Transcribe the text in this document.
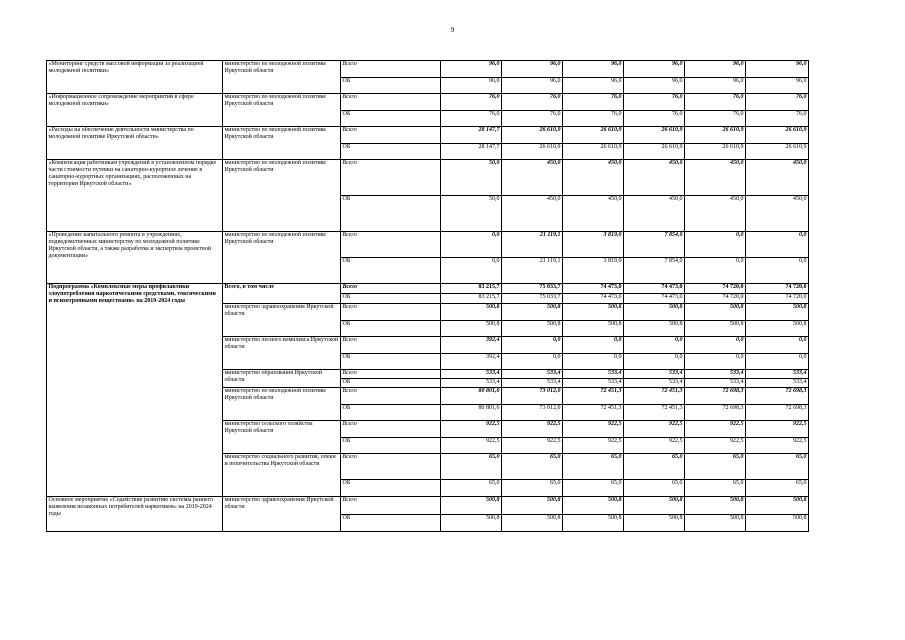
9
«Мониторинг средств массовой информации за реализацией молодежной политики»	министерство по молодежной политике Иркутской области	Всего	96,0	96,0	96,0	96,0	96,0	96,0
		ОБ	96,0	96,0	96,0	96,0	96,0	96,0
«Информационное сопровождение мероприятий в сфере молодежной политики»	министерство по молодежной политике Иркутской области	Всего	76,0	76,0	76,0	76,0	76,0	76,0
		ОБ	76,0	76,0	76,0	76,0	76,0	76,0
«Расходы на обеспечение деятельности министерства по молодежной политике Иркутской области»	министерство по молодежной политике Иркутской области	Всего	28 147,7	26 610,9	26 610,9	26 610,9	26 610,9	26 610,9
		ОБ	28 147,7	26 610,9	26 610,9	26 610,9	26 610,9	26 610,9
«Компенсация работникам учреждений в установленном порядке части стоимости путевки на санаторно-курортное лечение в санаторно-курортных организациях, расположенных на территории Иркутской области»	министерство по молодежной политике Иркутской области	Всего	50,0	450,0	450,0	450,0	450,0	450,0
		ОБ	50,0	450,0	450,0	450,0	450,0	450,0
«Проведение капитального ремонта в учреждениях, подведомственных министерству по молодежной политике Иркутской области, а также разработка и экспертиза проектной документации»	министерство по молодежной политике Иркутской области	Всего	0,0	21 119,1	3 819,0	7 854,0	0,0	0,0
		ОБ	0,0	21 119,1	3 819,0	7 854,0	0,0	0,0
Подпрограмма «Комплексные меры профилактики злоупотребления наркотическими средствами, токсическими и психотропными веществами» на 2019-2024 годы	Всего, в том числе	Всего	83 215,7	75 033,7	74 473,0	74 473,0	74 720,0	74 720,0
		ОБ	83 215,7	75 033,7	74 473,0	74 473,0	74 720,0	74 720,0
	министерство здравоохранения Иркутской области	Всего	500,8	500,8	500,8	500,8	500,8	500,8
		ОБ	500,8	500,8	500,8	500,8	500,8	500,8
	министерство лесного комплекса Иркутской области	Всего	392,4	0,0	0,0	0,0	0,0	0,0
		ОБ	392,4	0,0	0,0	0,0	0,0	0,0
	министерство образования Иркутской области	Всего	533,4	533,4	533,4	533,4	533,4	533,4
		ОБ	533,4	533,4	533,4	533,4	533,4	533,4
	министерство по молодежной политике Иркутской области	Всего	80 801,6	73 012,0	72 451,3	72 451,3	72 698,3	72 698,3
		ОБ	80 801,6	73 012,0	72 451,3	72 451,3	72 698,3	72 698,3
	министерство сельского хозяйства Иркутской области	Всего	922,5	922,5	922,5	922,5	922,5	922,5
		ОБ	922,5	922,5	922,5	922,5	922,5	922,5
	министерство социального развития, опеки и попечительства Иркутской области	Всего	65,0	65,0	65,0	65,0	65,0	65,0
		ОБ	65,0	65,0	65,0	65,0	65,0	65,0
Основное мероприятие «Содействие развитию системы раннего выявления незаконных потребителей наркотиков» на 2019-2024 годы	министерство здравоохранения Иркутской области	Всего	500,8	500,8	500,8	500,8	500,8	500,8
		ОБ	500,8	500,8	500,8	500,8	500,8	500,8
